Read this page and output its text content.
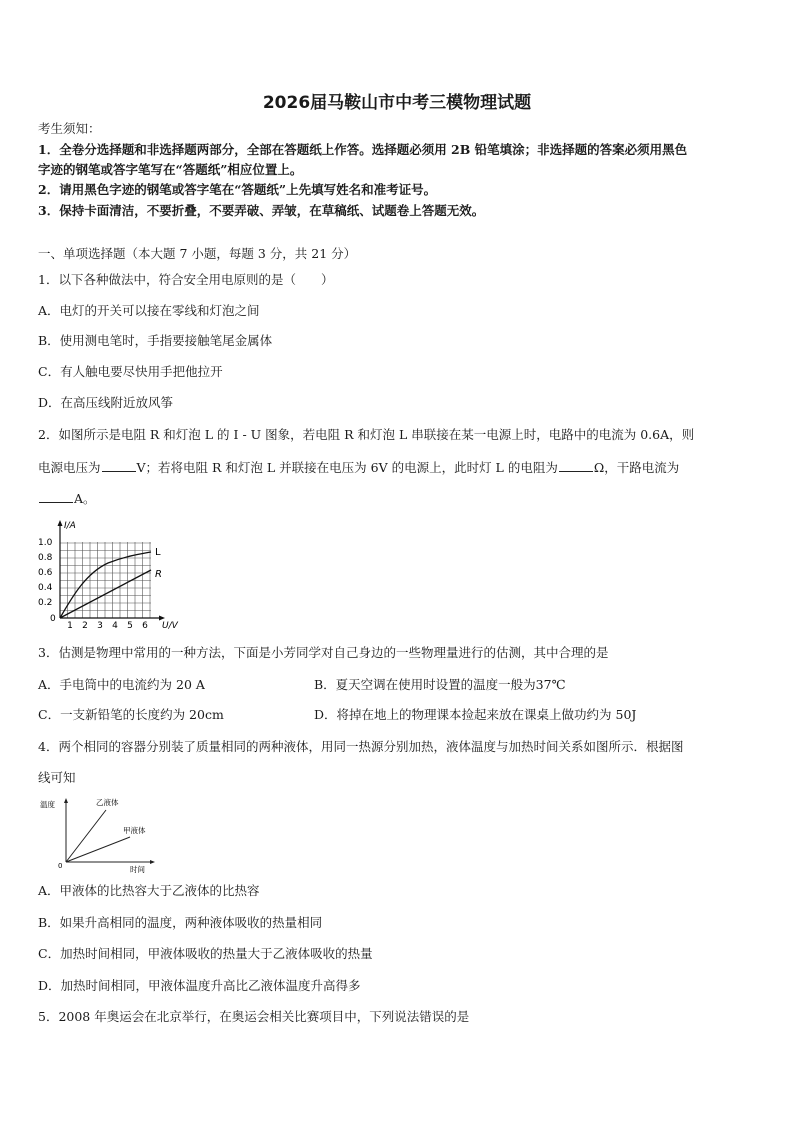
2026届马鞍山市中考三模物理试题
考生须知：
1．全卷分选择题和非选择题两部分，全部在答题纸上作答。选择题必须用 2B 铅笔填涂；非选择题的答案必须用黑色
字迹的钢笔或答字笔写在“答题纸”相应位置上。
2．请用黑色字迹的钢笔或答字笔在“答题纸”上先填写姓名和准考证号。
3．保持卡面清洁，不要折叠，不要弄破、弄皱，在草稿纸、试题卷上答题无效。
一、单项选择题（本大题 7 小题，每题 3 分，共 21 分）
1．以下各种做法中，符合安全用电原则的是（　　）
A．电灯的开关可以接在零线和灯泡之间
B．使用测电笔时，手指要接触笔尾金属体
C．有人触电要尽快用手把他拉开
D．在高压线附近放风筝
2．如图所示是电阻 R 和灯泡 L 的 I - U 图象，若电阻 R 和灯泡 L 串联接在某一电源上时，电路中的电流为 0.6A，则
电源电压为	V；若将电阻 R 和灯泡 L 并联接在电压为 6V 的电源上，此时灯 L 的电阻为	Ω，干路电流为
A。
I/A
U/V
0
1.0
0.8
0.6
0.4
0.2
1 2 3 4 5 6
L
R
3．估测是物理中常用的一种方法，下面是小芳同学对自己身边的一些物理量进行的估测，其中合理的是
A．手电筒中的电流约为 20 A	B．夏天空调在使用时设置的温度一般为37℃
C．一支新铅笔的长度约为 20cm	D．将掉在地上的物理课本捡起来放在课桌上做功约为 50J
4．两个相同的容器分别装了质量相同的两种液体，用同一热源分别加热，液体温度与加热时间关系如图所示．根据图
线可知
温度
时间
0
乙液体
甲液体
A．甲液体的比热容大于乙液体的比热容
B．如果升高相同的温度，两种液体吸收的热量相同
C．加热时间相同，甲液体吸收的热量大于乙液体吸收的热量
D．加热时间相同，甲液体温度升高比乙液体温度升高得多
5．2008 年奥运会在北京举行，在奥运会相关比赛项目中，下列说法错误的是
